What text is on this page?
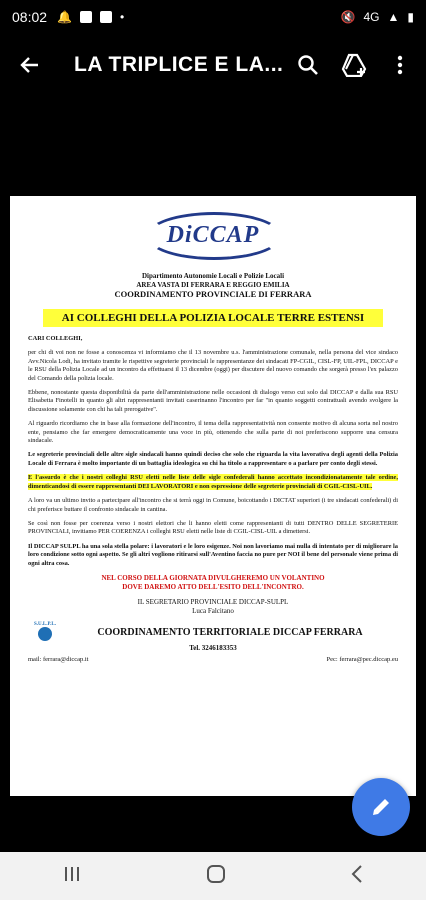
08:02 🔔	•	🔇 4G ▲ ▮
LA TRIPLICE E LA...
DiCCAP
Dipartimento Autonomie Locali e Polizie Locali
AREA VASTA DI FERRARA E REGGIO EMILIA
COORDINAMENTO PROVINCIALE DI FERRARA
AI COLLEGHI DELLA POLIZIA LOCALE TERRE ESTENSI
CARI COLLEGHI,
per chi di voi non ne fosse a conoscenza vi informiamo che il 13 novembre u.s. l'amministrazione comunale, nella persona del vice sindaco Avv.Nicola Lodi, ha invitato tramite le rispettive segreterie provinciali le rappresentanze dei sindacati FP-CGIL, CISL-FP, UIL-FPL, DICCAP e le RSU della Polizia Locale ad un incontro da effettuarsi il 13 dicembre (oggi) per discutere del nuovo comando che sorgerà presso l'ex palazzo del Comando della polizia locale.
Ebbene, nonostante questa disponibilità da parte dell'amministrazione nelle occasioni di dialogo verso cui solo dal DICCAP e dalla sua RSU Elisabetta Finotelli in quanto gli altri rappresentanti invitati caserinanno l'incontro per far "in quanto soggetti contrattuali avendo svolgere la discussione solamente con chi ha tali prerogative".
Al riguardo ricordiamo che in base alla formazione dell'incontro, il tema della rappresentatività non consente motivo di alcuna sorta nel nostro ente, pensiamo che far emergere democraticamente una voce in più, ottenendo che sulla parte di noi preferiscono supporre una censura sindacale.
Le segreterie provinciali delle altre sigle sindacali hanno quindi deciso che solo che riguarda la vita lavorativa degli agenti della Polizia Locale di Ferrara è molto importante di un battaglia ideologica su chi ha titolo a rappresentare o a parlare per conto degli stessi.
E l'assurdo è che i nostri colleghi RSU eletti nelle liste delle sigle confederali hanno accettato incondizionatamente tale ordine, dimenticandosi di essere rappresentanti DEI LAVORATORI e non espressione delle segreterie provinciali di CGIL-CISL-UIL.
A loro va un ultimo invito a partecipare all'incontro che si terrà oggi in Comune, boicottando i DICTAT superiori (i tre sindacati confederali) di chi preferisce buttare il confronto sindacale in cantina.
Se così non fosse per coerenza verso i nostri elettori che li hanno eletti come rappresentanti di tutti DENTRO DELLE SEGRETERIE PROVINCIALI, invitiamo PER COERENZA i colleghi RSU eletti nelle liste di CGIL-CISL-UIL a dimettersi.
Il DICCAP SULPL ha una sola stella polare: i lavoratori e le loro esigenze. Noi non lavoriamo mai nulla di intentato per di migliorare la loro condizione sotto ogni aspetto. Se gli altri vogliono ritirarsi sull'Aventino faccia no pure per NOI il bene del personale viene prima di ogni altra cosa.
NEL CORSO DELLA GIORNATA DIVULGHEREMO UN VOLANTINO
DOVE DAREMO ATTO DELL'ESITO DELL'INCONTRO.
IL SEGRETARIO PROVINCIALE DICCAP-SULPL
Luca Falcitano
S.U.L.P.L.
COORDINAMENTO TERRITORIALE DICCAP FERRARA
Tel. 3246183353
mail: ferrara@diccap.it	Pec: ferrara@pec.diccap.eu
